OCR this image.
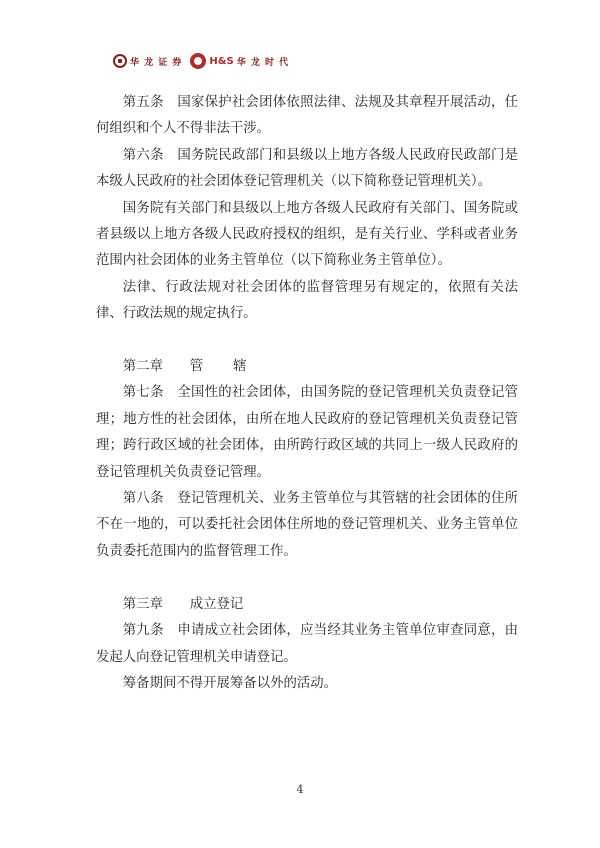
华 龙 证 券	H&S 华 龙 时 代

第五条　国家保护社会团体依照法律、法规及其章程开展活动，任何组织和个人不得非法干涉。

第六条　国务院民政部门和县级以上地方各级人民政府民政部门是本级人民政府的社会团体登记管理机关（以下简称登记管理机关）。

国务院有关部门和县级以上地方各级人民政府有关部门、国务院或者县级以上地方各级人民政府授权的组织，是有关行业、学科或者业务范围内社会团体的业务主管单位（以下简称业务主管单位）。

法律、行政法规对社会团体的监督管理另有规定的，依照有关法律、行政法规的规定执行。

第二章　　 管 辖

第七条　全国性的社会团体，由国务院的登记管理机关负责登记管理；地方性的社会团体，由所在地人民政府的登记管理机关负责登记管理；跨行政区域的社会团体，由所跨行政区域的共同上一级人民政府的登记管理机关负责登记管理。

第八条　登记管理机关、业务主管单位与其管辖的社会团体的住所不在一地的，可以委托社会团体住所地的登记管理机关、业务主管单位负责委托范围内的监督管理工作。

第三章　　 成立登记

第九条　申请成立社会团体，应当经其业务主管单位审查同意，由发起人向登记管理机关申请登记。

筹备期间不得开展筹备以外的活动。

4
